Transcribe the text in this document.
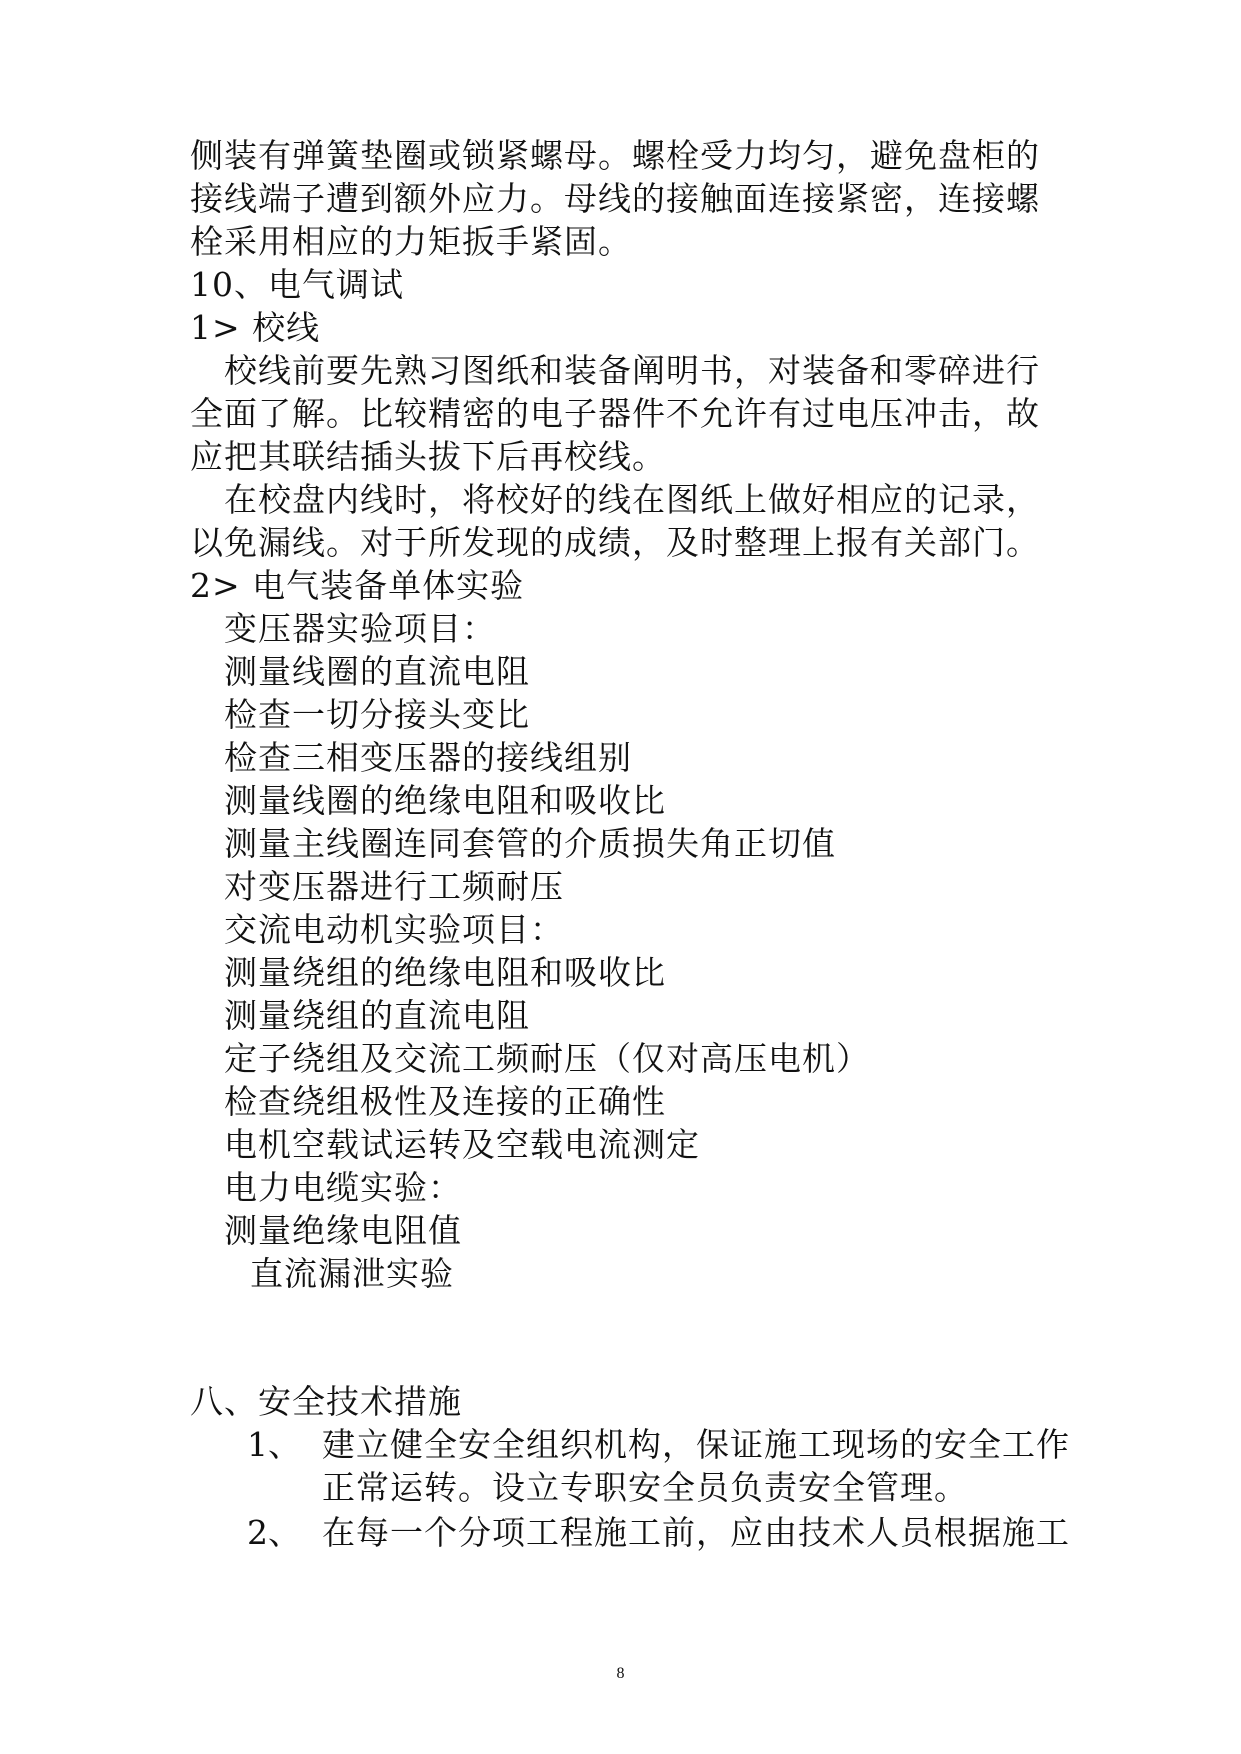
侧装有弹簧垫圈或锁紧螺母。螺栓受力均匀，避免盘柜的
接线端子遭到额外应力。母线的接触面连接紧密，连接螺
栓采用相应的力矩扳手紧固。
10、电气调试
1> 校线
校线前要先熟习图纸和装备阐明书，对装备和零碎进行
全面了解。比较精密的电子器件不允许有过电压冲击，故
应把其联结插头拔下后再校线。
在校盘内线时，将校好的线在图纸上做好相应的记录，
以免漏线。对于所发现的成绩，及时整理上报有关部门。
2> 电气装备单体实验
变压器实验项目：
测量线圈的直流电阻
检查一切分接头变比
检查三相变压器的接线组别
测量线圈的绝缘电阻和吸收比
测量主线圈连同套管的介质损失角正切值
对变压器进行工频耐压
交流电动机实验项目：
测量绕组的绝缘电阻和吸收比
测量绕组的直流电阻
定子绕组及交流工频耐压（仅对高压电机）
检查绕组极性及连接的正确性
电机空载试运转及空载电流测定
电力电缆实验：
测量绝缘电阻值
直流漏泄实验
八、安全技术措施
1、 建立健全安全组织机构，保证施工现场的安全工作
正常运转。设立专职安全员负责安全管理。
2、 在每一个分项工程施工前，应由技术人员根据施工
8
